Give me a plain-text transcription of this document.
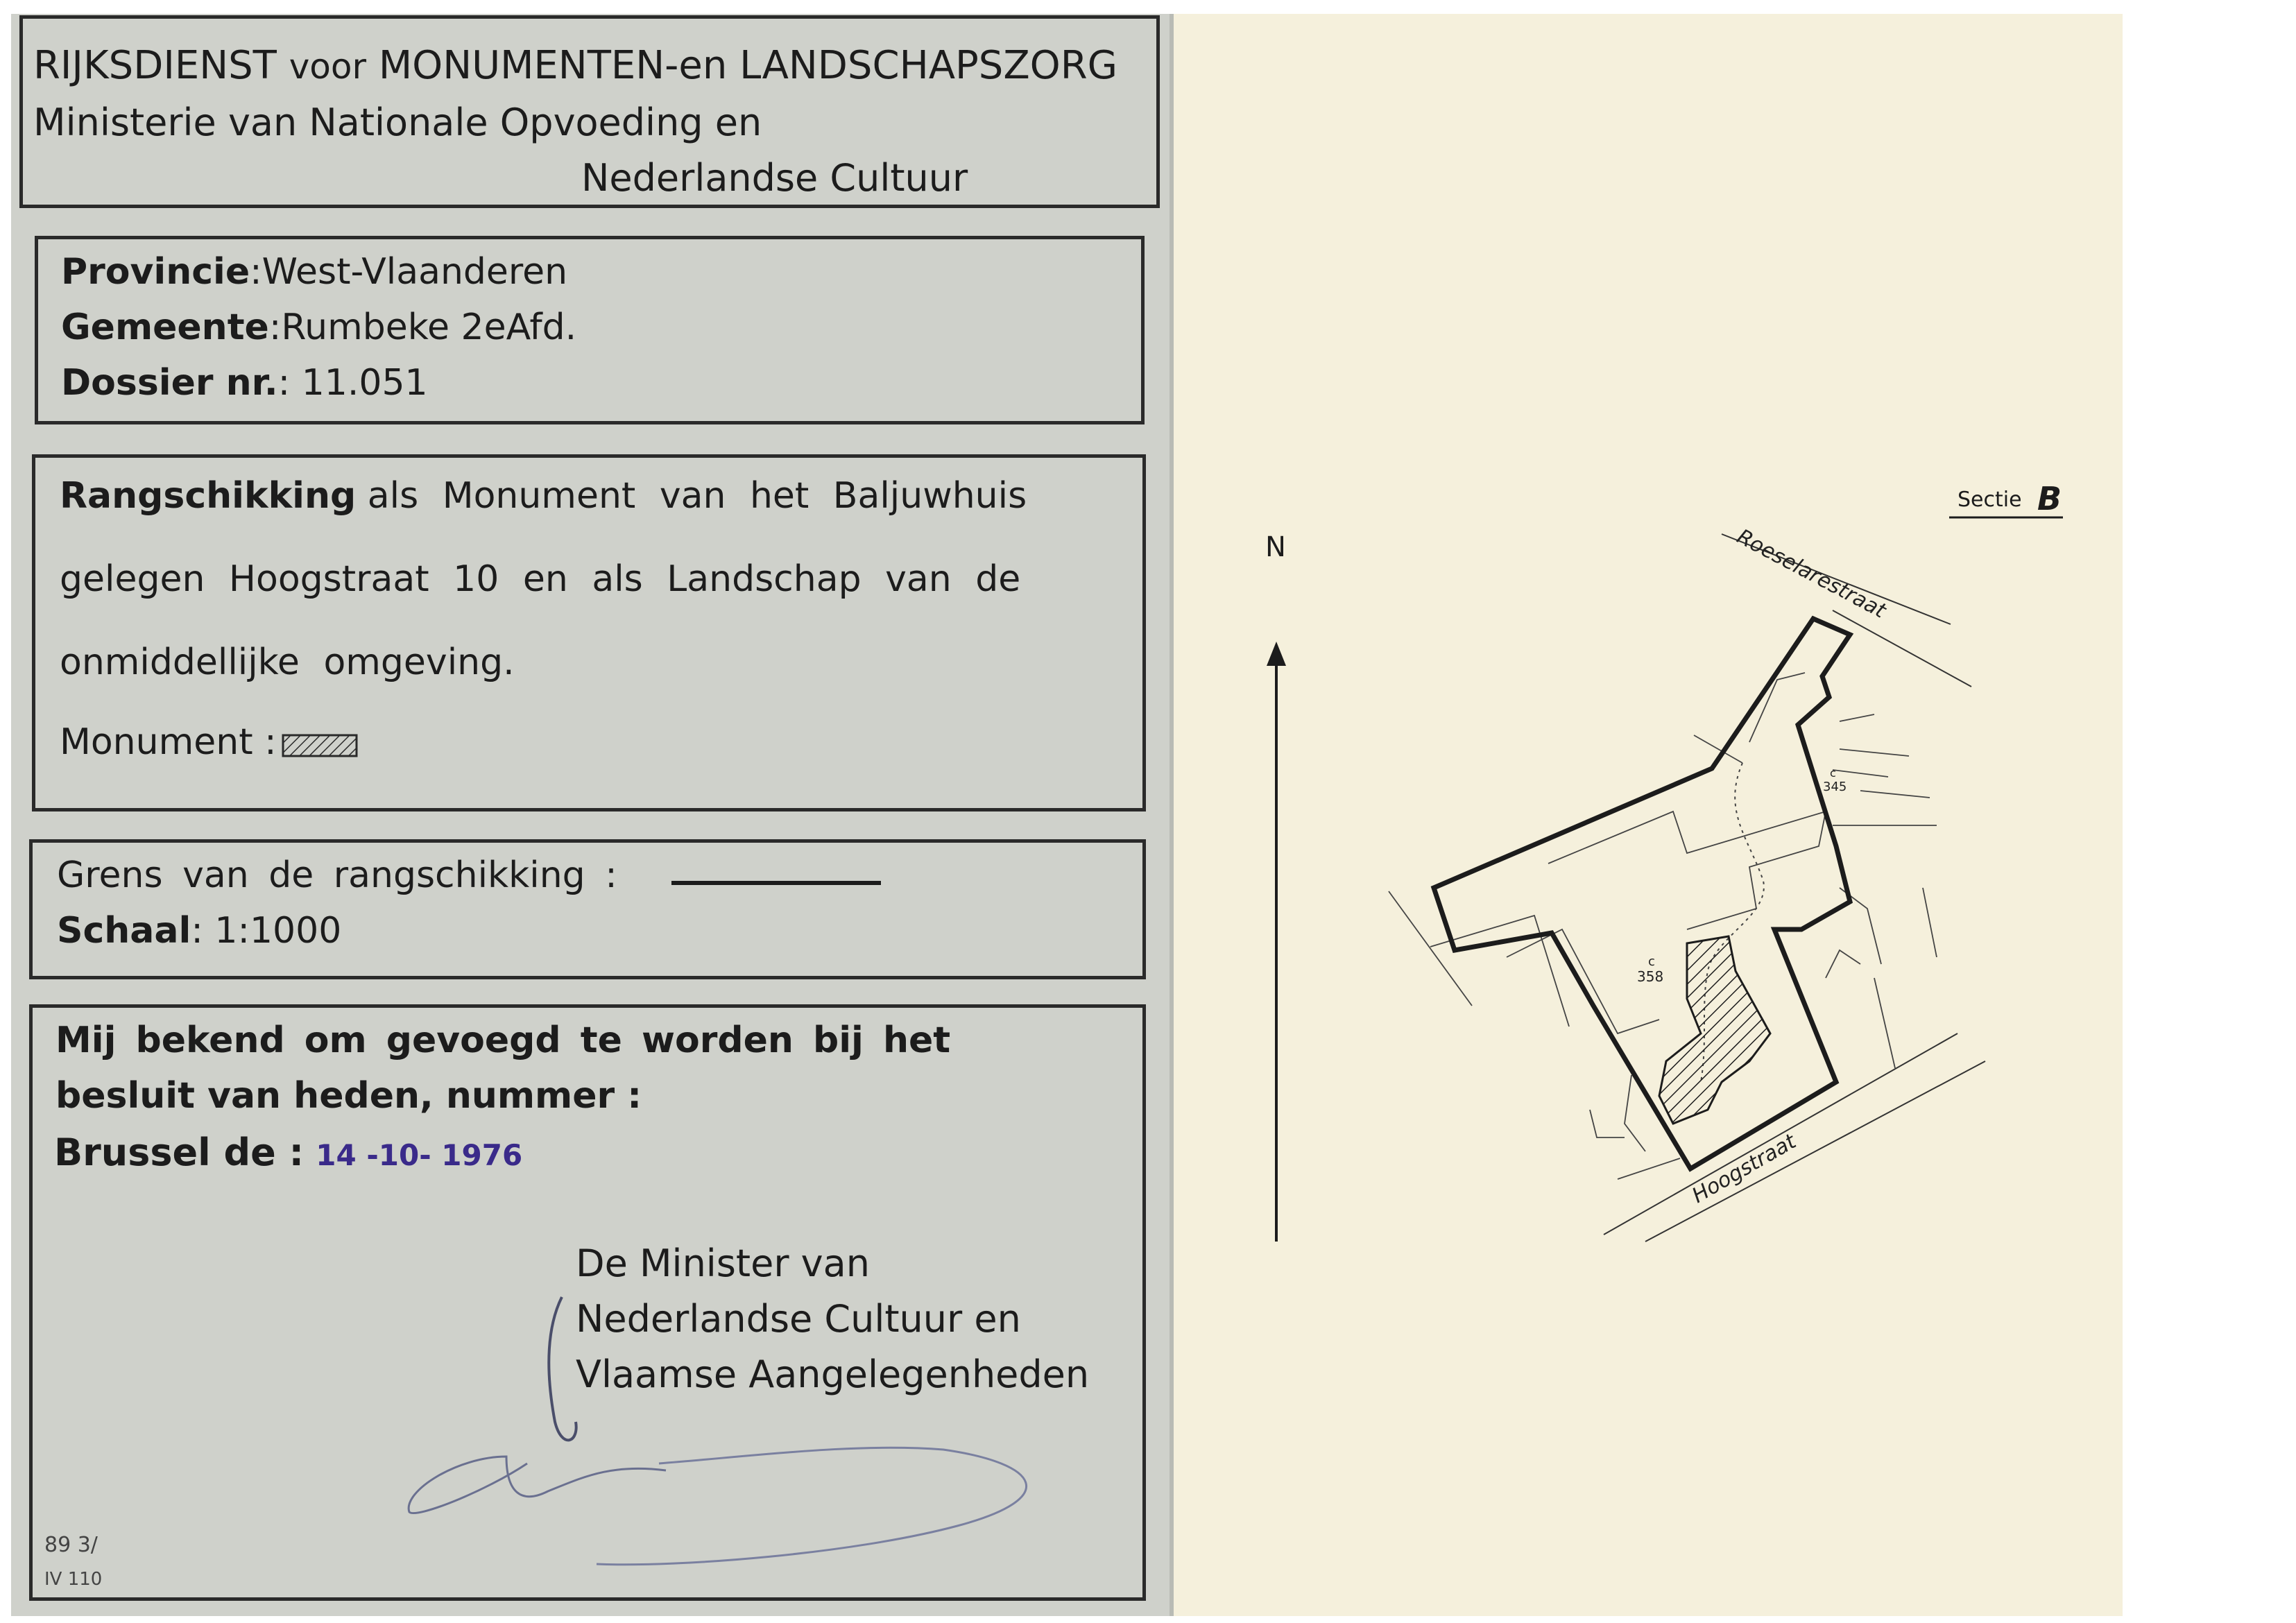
RIJKSDIENST voor MONUMENTEN-en LANDSCHAPSZORG
Ministerie van Nationale Opvoeding en
Nederlandse Cultuur
Provincie:West-Vlaanderen
Gemeente:Rumbeke 2eAfd.
Dossier nr.: 11.051
Rangschikking als Monument van het Baljuwhuis
gelegen Hoogstraat 10 en als Landschap van de
onmiddellijke omgeving.
Monument :
Grens van de rangschikking :
Schaal: 1:1000
Mij bekend om gevoegd te worden bij het
besluit van heden, nummer :
Brussel de : 14 -10- 1976
De Minister van
Nederlandse Cultuur en
Vlaamse Aangelegenheden
89 3/
IV 110
Sectie B
N	Roeselarestraat
Hoogstraat
c
358
c
345
